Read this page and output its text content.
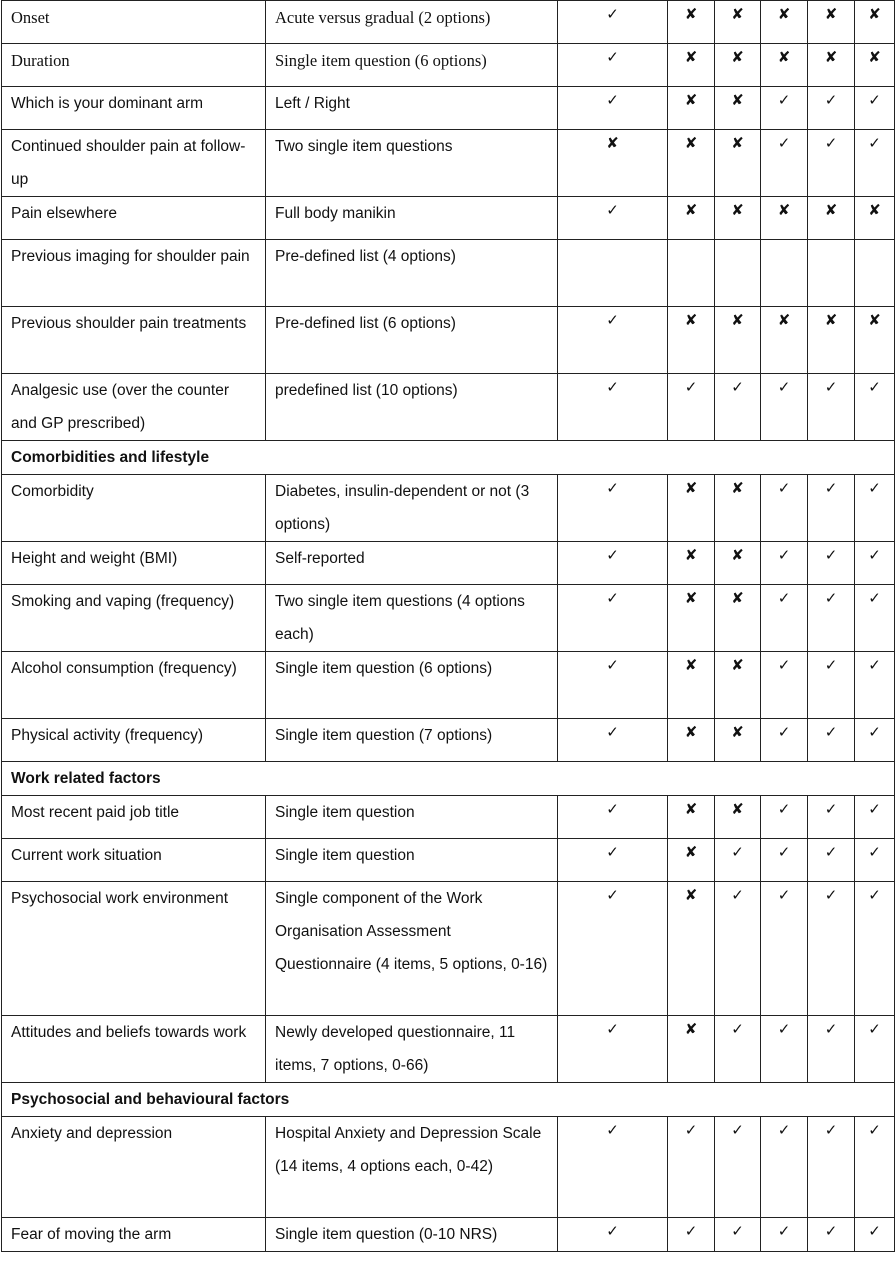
Onset	Acute versus gradual (2 options)	✓	✘	✘	✘	✘	✘

Duration	Single item question (6 options)	✓	✘	✘	✘	✘	✘

Which is your dominant arm	Left / Right	✓	✘	✘	✓	✓	✓

Continued shoulder pain at follow-up	Two single item questions	✘	✘	✘	✓	✓	✓

Pain elsewhere	Full body manikin	✓	✘	✘	✘	✘	✘

Previous imaging for shoulder pain	Pre-defined list (4 options)						

Previous shoulder pain treatments	Pre-defined list (6 options)	✓	✘	✘	✘	✘	✘

Analgesic use (over the counter and GP prescribed)	predefined list (10 options)	✓	✓	✓	✓	✓	✓

Comorbidities and lifestyle							

Comorbidity	Diabetes, insulin-dependent or not (3 options)	✓	✘	✘	✓	✓	✓

Height and weight (BMI)	Self-reported	✓	✘	✘	✓	✓	✓

Smoking and vaping (frequency)	Two single item questions (4 options each)	✓	✘	✘	✓	✓	✓

Alcohol consumption (frequency)	Single item question (6 options)	✓	✘	✘	✓	✓	✓

Physical activity (frequency)	Single item question (7 options)	✓	✘	✘	✓	✓	✓

Work related factors							

Most recent paid job title	Single item question	✓	✘	✘	✓	✓	✓

Current work situation	Single item question	✓	✘	✓	✓	✓	✓

Psychosocial work environment	Single component of the Work Organisation Assessment Questionnaire (4 items, 5 options, 0-16)	✓	✘	✓	✓	✓	✓

Attitudes and beliefs towards work	Newly developed questionnaire, 11 items, 7 options, 0-66)	✓	✘	✓	✓	✓	✓

Psychosocial and behavioural factors							

Anxiety and depression	Hospital Anxiety and Depression Scale (14 items, 4 options each, 0-42)	✓	✓	✓	✓	✓	✓

Fear of moving the arm	Single item question (0-10 NRS)	✓	✓	✓	✓	✓	✓
